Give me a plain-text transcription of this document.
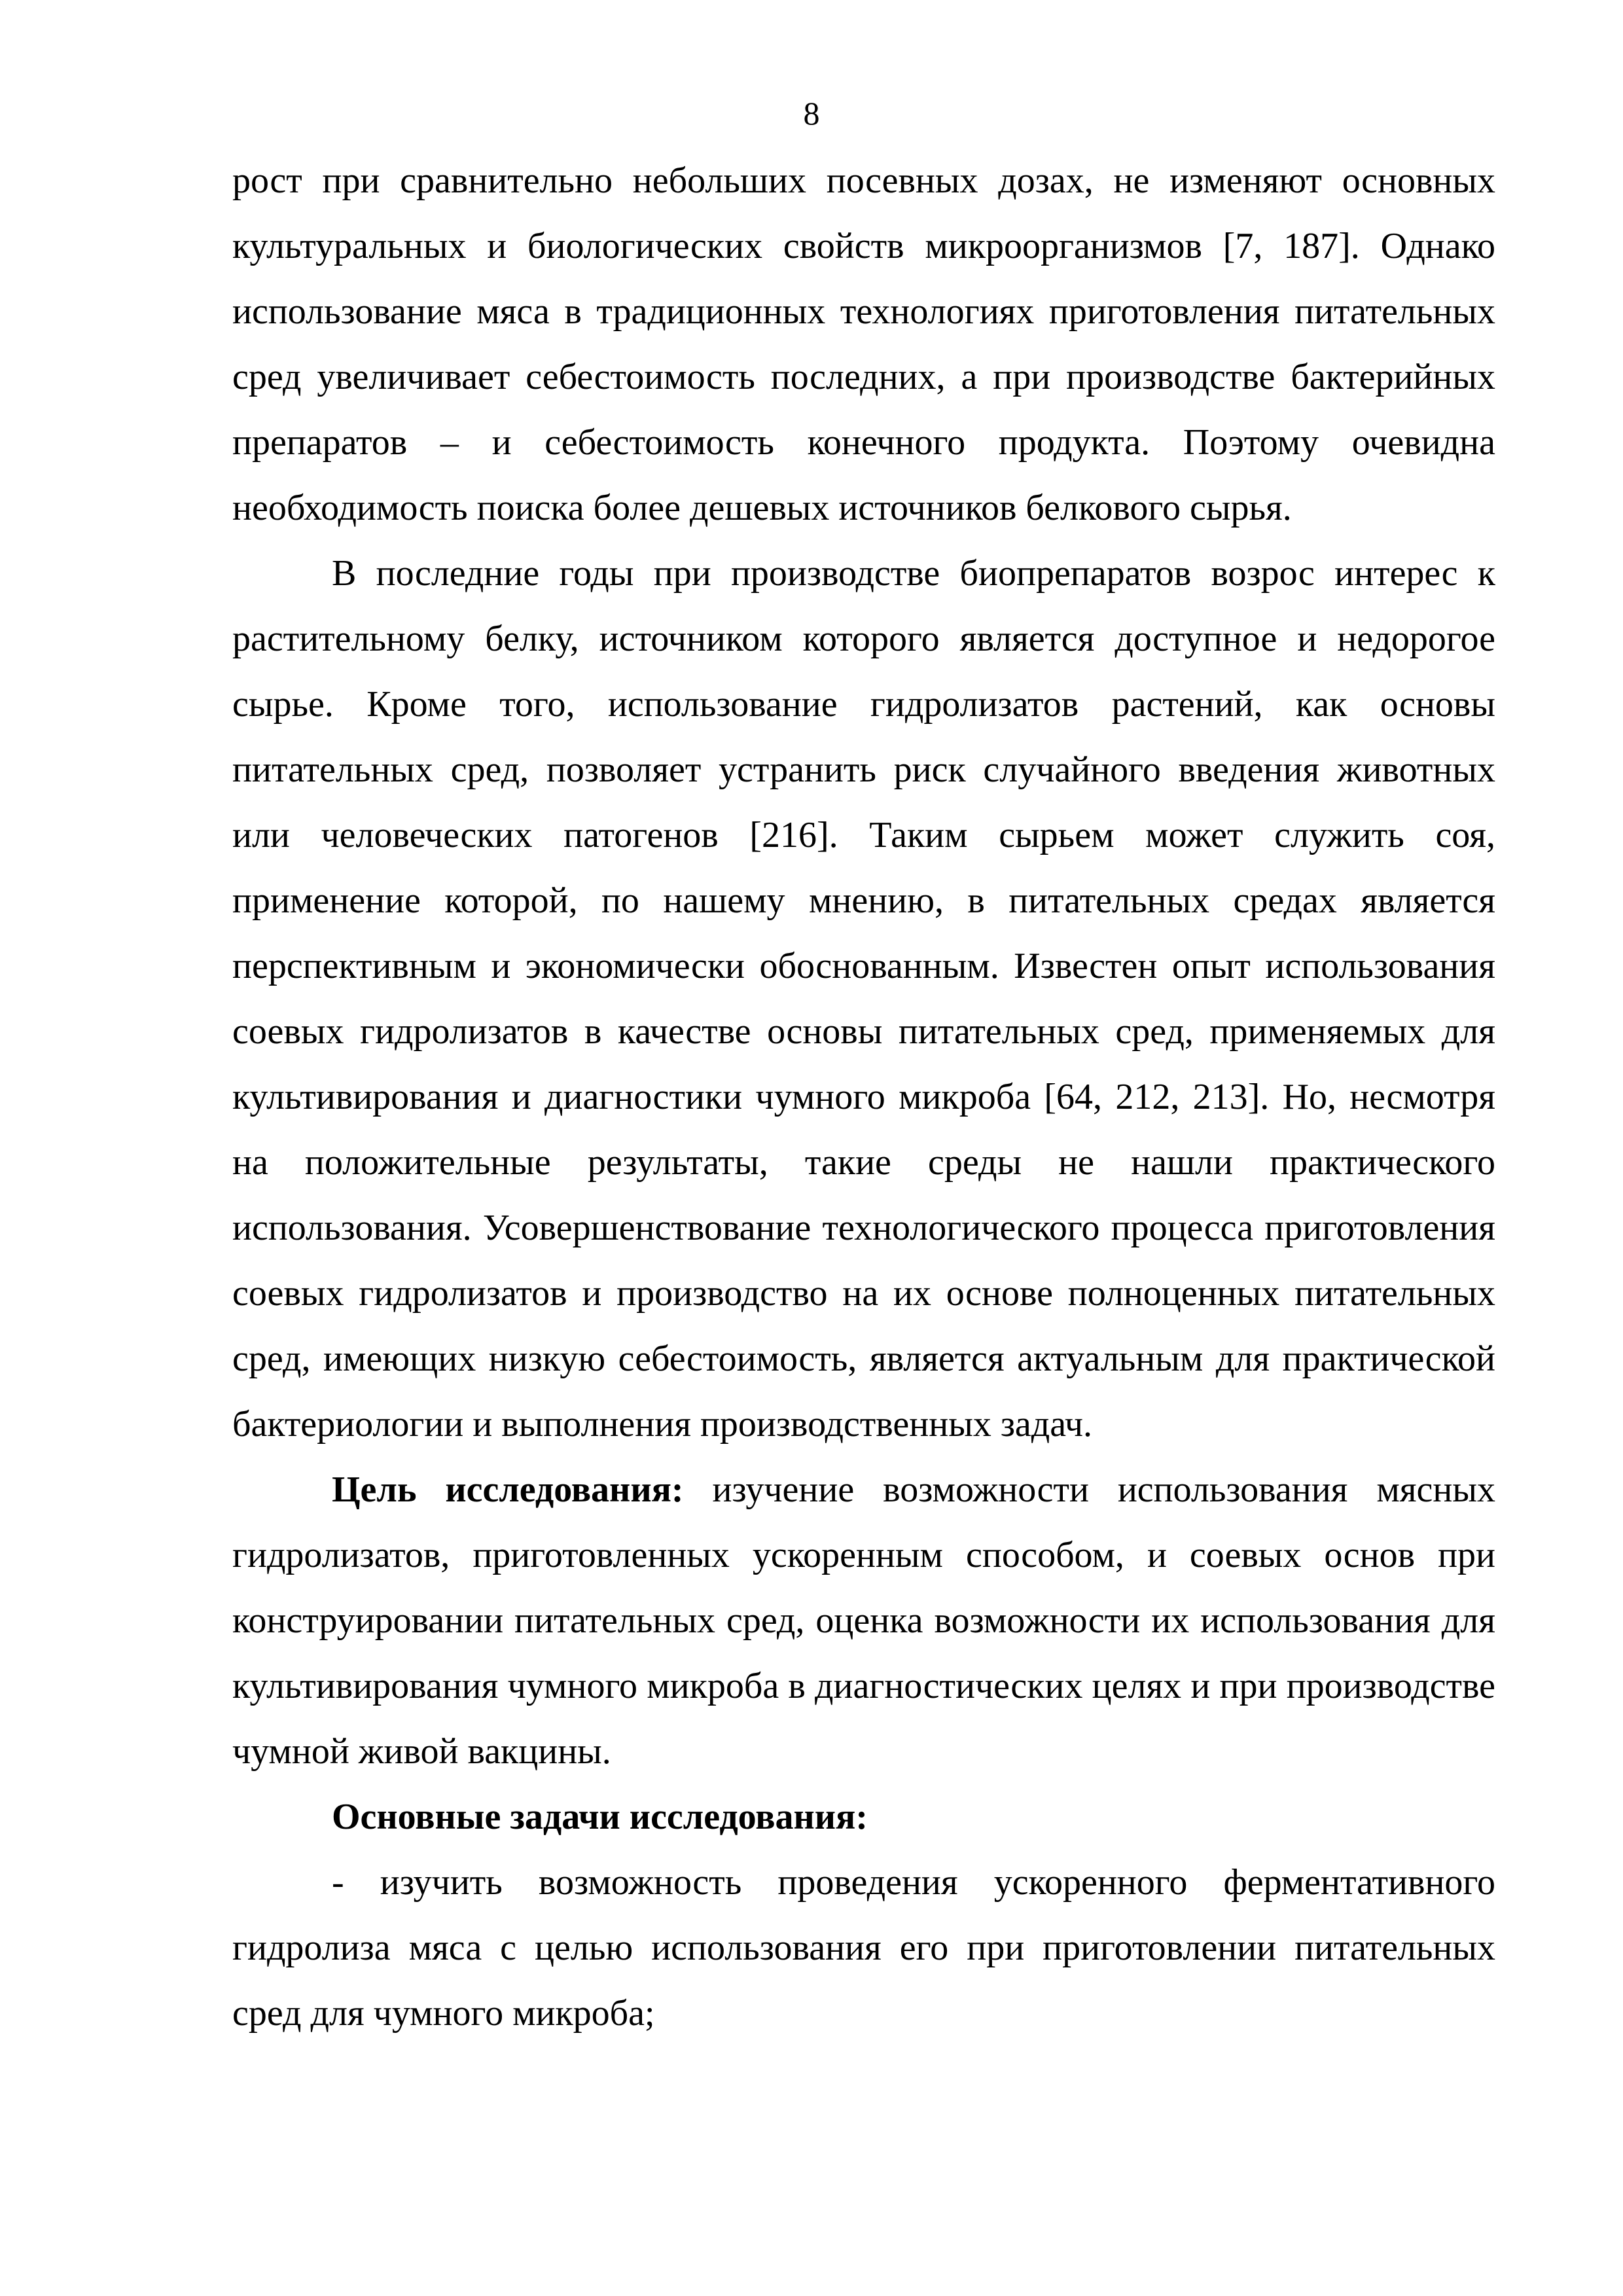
8

рост при сравнительно небольших посевных дозах, не изменяют основных культуральных и биологических свойств микроорганизмов [7, 187]. Однако использование мяса в традиционных технологиях приготовления питательных сред увеличивает себестоимость последних, а при производстве бактерийных препаратов – и себестоимость конечного продукта. Поэтому очевидна необходимость поиска более дешевых источников белкового сырья.

В последние годы при производстве биопрепаратов возрос интерес к растительному белку, источником которого является доступное и недорогое сырье. Кроме того, использование гидролизатов растений, как основы питательных сред, позволяет устранить риск случайного введения животных или человеческих патогенов [216]. Таким сырьем может служить соя, применение которой, по нашему мнению, в питательных средах является перспективным и экономически обоснованным. Известен опыт использования соевых гидролизатов в качестве основы питательных сред, применяемых для культивирования и диагностики чумного микроба [64, 212, 213]. Но, несмотря на положительные результаты, такие среды не нашли практического использования. Усовершенствование технологического процесса приготовления соевых гидролизатов и производство на их основе полноценных питательных сред, имеющих низкую себестоимость, является актуальным для практической бактериологии и выполнения производственных задач.

Цель исследования: изучение возможности использования мясных гидролизатов, приготовленных ускоренным способом, и соевых основ при конструировании питательных сред, оценка возможности их использования для культивирования чумного микроба в диагностических целях и при производстве чумной живой вакцины.

Основные задачи исследования:

- изучить возможность проведения ускоренного ферментативного гидролиза мяса с целью использования его при приготовлении питательных сред для чумного микроба;
